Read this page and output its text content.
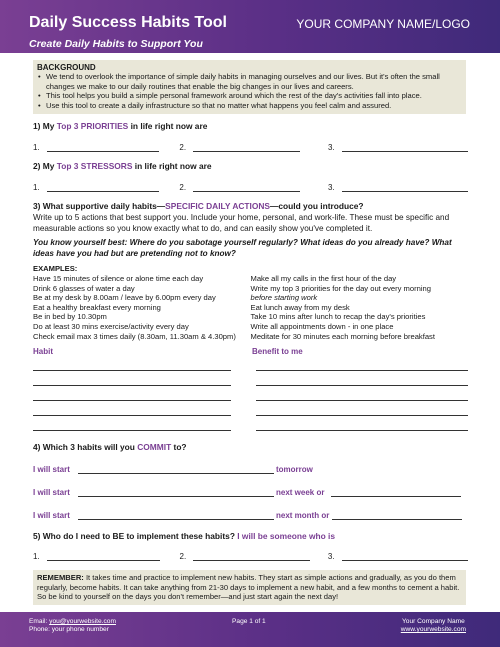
Daily Success Habits Tool
Create Daily Habits to Support You
YOUR COMPANY NAME/LOGO
BACKGROUND
• We tend to overlook the importance of simple daily habits in managing ourselves and our lives. But it's often the small changes we make to our daily routines that enable the big changes in our lives and careers.
• This tool helps you build a simple personal framework around which the rest of the day's activities fall into place.
• Use this tool to create a daily infrastructure so that no matter what happens you feel calm and assured.
1) My Top 3 PRIORITIES in life right now are
1.	2.	3.
2) My Top 3 STRESSORS in life right now are
1.	2.	3.
3) What supportive daily habits—SPECIFIC DAILY ACTIONS—could you introduce?
Write up to 5 actions that best support you. Include your home, personal, and work-life. These must be specific and measurable actions so you know exactly what to do, and can easily show you've completed it.
You know yourself best: Where do you sabotage yourself regularly? What ideas do you already have? What ideas have you had but are pretending not to know?
EXAMPLES:
Have 15 minutes of silence or alone time each day
Drink 6 glasses of water a day
Be at my desk by 8.00am / leave by 6.00pm every day
Eat a healthy breakfast every morning
Be in bed by 10.30pm
Do at least 30 mins exercise/activity every day
Check email max 3 times daily (8.30am, 11.30am & 4.30pm)
Make all my calls in the first hour of the day
Write my top 3 priorities for the day out every morning
before starting work
Eat lunch away from my desk
Take 10 mins after lunch to recap the day's priorities
Write all appointments down - in one place
Meditate for 30 minutes each morning before breakfast
Habit	Benefit to me
4) Which 3 habits will you COMMIT to?
I will start	tomorrow
I will start	next week or
I will start	next month or
5) Who do I need to BE to implement these habits? I will be someone who is
1.	2.	3.
REMEMBER: It takes time and practice to implement new habits. They start as simple actions and gradually, as you do them regularly, become habits. It can take anything from 21-30 days to implement a new habit, and a few months to cement a habit. So be kind to yourself on the days you don't remember—and just start again the next day!
Email: you@yourwebsite.com
Phone: your phone number
Page 1 of 1	Your Company Name
www.yourwebsite.com
